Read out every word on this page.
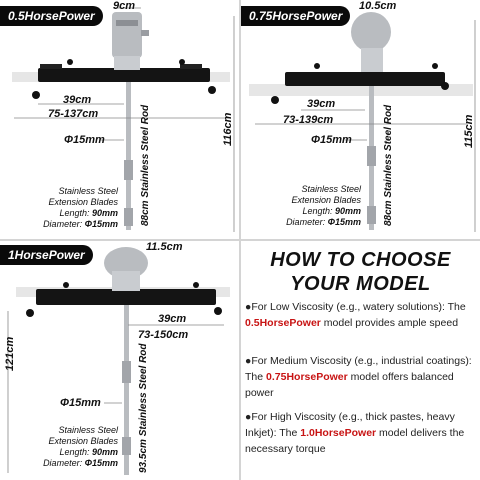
0.5HorsePower
9cm
39cm
75-137cm	116cm
Φ15mm	88cm Stainless Steel Rod
Stainless Steel
Extension Blades
Length: 90mm
Diameter: Φ15mm
0.75HorsePower
10.5cm
39cm
73-139cm	115cm
Φ15mm	88cm Stainless Steel Rod
Stainless Steel
Extension Blades
Length: 90mm
Diameter: Φ15mm
1HorsePower
11.5cm
39cm
73-150cm
121cm
Φ15mm	93.5cm Stainless Steel Rod
Stainless Steel
Extension Blades
Length: 90mm
Diameter: Φ15mm
HOW TO CHOOSE
YOUR MODEL
●For Low Viscosity (e.g., watery solutions): The 0.5HorsePower model provides ample speed
●For Medium Viscosity (e.g., industrial coatings): The 0.75HorsePower model offers balanced power
●For High Viscosity (e.g., thick pastes, heavy Inkjet): The 1.0HorsePower model delivers the necessary torque
